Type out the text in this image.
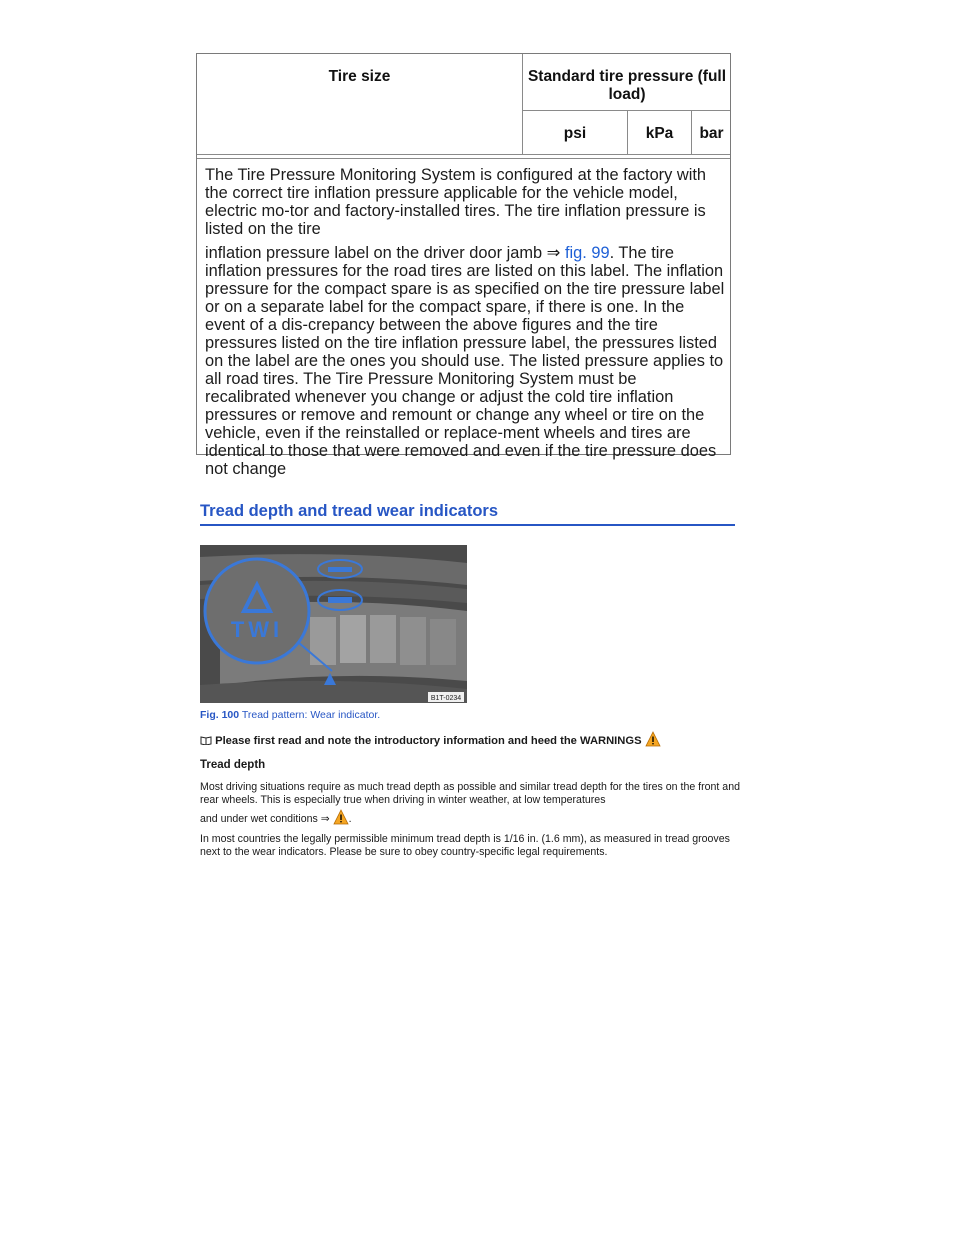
Tire size	Standard tire pressure (full load)
psi	kPa	bar

The Tire Pressure Monitoring System is configured at the factory with the correct tire inflation pressure applicable for the vehicle model, electric mo-tor and factory-installed tires. The tire inflation pressure is listed on the tire

inflation pressure label on the driver door jamb ⇒ fig. 99. The tire inflation pressures for the road tires are listed on this label. The inflation pressure for the compact spare is as specified on the tire pressure label or on a separate label for the compact spare, if there is one. In the event of a dis-crepancy between the above figures and the tire pressures listed on the tire inflation pressure label, the pressures listed on the label are the ones you should use. The listed pressure applies to all road tires. The Tire Pressure Monitoring System must be recalibrated whenever you change or adjust the cold tire inflation pressures or remove and remount or change any wheel or tire on the vehicle, even if the reinstalled or replace-ment wheels and tires are identical to those that were removed and even if the tire pressure does not change

Tread depth and tread wear indicators
TWI
B1T-0234
Fig. 100 Tread pattern: Wear indicator.
Please first read and note the introductory information and heed the WARNINGS
Tread depth
Most driving situations require as much tread depth as possible and similar tread depth for the tires on the front and rear wheels. This is especially true when driving in winter weather, at low temperatures
and under wet conditions ⇒ .
In most countries the legally permissible minimum tread depth is 1/16 in. (1.6 mm), as measured in tread grooves next to the wear indicators. Please be sure to obey country-specific legal requirements.
